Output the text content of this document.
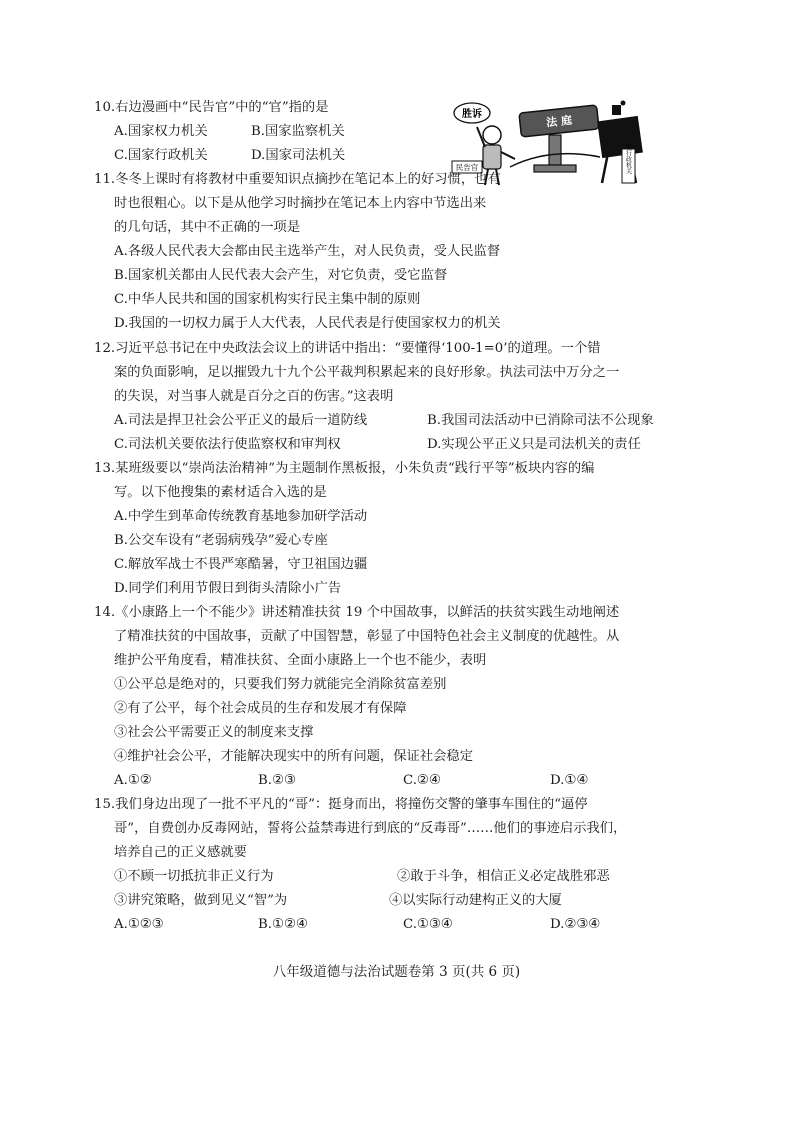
胜诉
民告官
法 庭
某行政机关
10.右边漫画中“民告官”中的“官”指的是
A.国家权力机关	B.国家监察机关
C.国家行政机关	D.国家司法机关
11.冬冬上课时有将教材中重要知识点摘抄在笔记本上的好习惯，也有
时也很粗心。以下是从他学习时摘抄在笔记本上内容中节选出来
的几句话，其中不正确的一项是
A.各级人民代表大会都由民主选举产生，对人民负责，受人民监督
B.国家机关都由人民代表大会产生，对它负责，受它监督
C.中华人民共和国的国家机构实行民主集中制的原则
D.我国的一切权力属于人大代表，人民代表是行使国家权力的机关
12.习近平总书记在中央政法会议上的讲话中指出：“要懂得‘100-1=0’的道理。一个错
案的负面影响，足以摧毁九十九个公平裁判积累起来的良好形象。执法司法中万分之一
的失误，对当事人就是百分之百的伤害。”这表明
A.司法是捍卫社会公平正义的最后一道防线	B.我国司法活动中已消除司法不公现象
C.司法机关要依法行使监察权和审判权	D.实现公平正义只是司法机关的责任
13.某班级要以“崇尚法治精神”为主题制作黑板报，小朱负责“践行平等”板块内容的编
写。以下他搜集的素材适合入选的是
A.中学生到革命传统教育基地参加研学活动
B.公交车设有“老弱病残孕”爱心专座
C.解放军战士不畏严寒酷暑，守卫祖国边疆
D.同学们利用节假日到街头清除小广告
14.《小康路上一个不能少》讲述精准扶贫 19 个中国故事，以鲜活的扶贫实践生动地阐述
了精准扶贫的中国故事，贡献了中国智慧，彰显了中国特色社会主义制度的优越性。从
维护公平角度看，精准扶贫、全面小康路上一个也不能少，表明
①公平总是绝对的，只要我们努力就能完全消除贫富差别
②有了公平，每个社会成员的生存和发展才有保障
③社会公平需要正义的制度来支撑
④维护社会公平，才能解决现实中的所有问题，保证社会稳定
A.①②	B.②③	C.②④	D.①④
15.我们身边出现了一批不平凡的“哥”：挺身而出，将撞伤交警的肇事车围住的“逼停
哥”，自费创办反毒网站，誓将公益禁毒进行到底的“反毒哥”……他们的事迹启示我们，
培养自己的正义感就要
①不顾一切抵抗非正义行为	②敢于斗争，相信正义必定战胜邪恶
③讲究策略，做到见义“智”为	④以实际行动建构正义的大厦
A.①②③	B.①②④	C.①③④	D.②③④
八年级道德与法治试题卷第 3 页(共 6 页)
